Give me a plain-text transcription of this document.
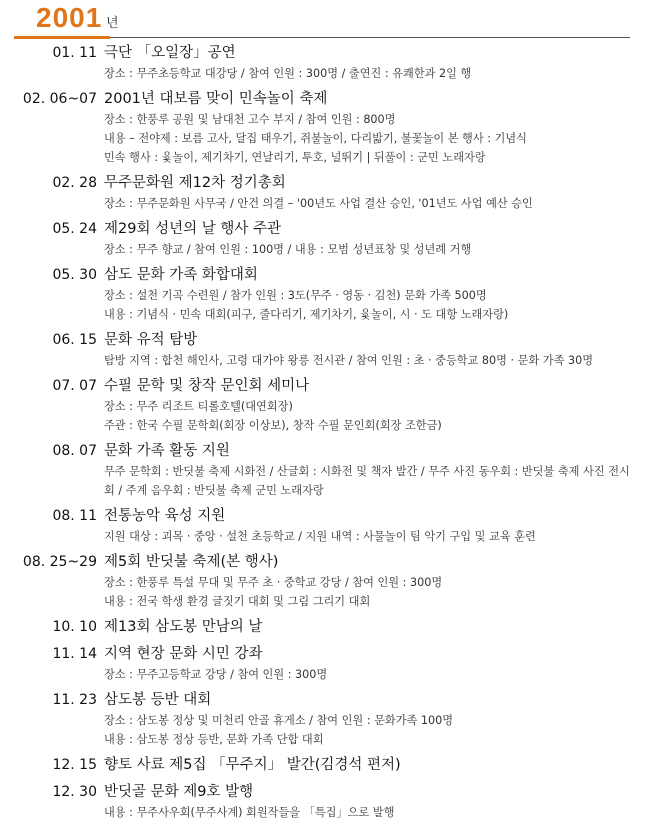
2001 년
01. 11 극단 「오일장」공연
장소 : 무주초등학교 대강당 / 참여 인원 : 300명 / 출연진 : 유쾌한과 2일 행
02. 06~07 2001년 대보름 맞이 민속놀이 축제
장소 : 한풍루 공원 및 남대천 고수 부지 / 참여 인원 : 800명
내용 – 전야제 : 보름 고사, 달집 태우기, 쥐불놀이, 다리밟기, 불꽃놀이 본 행사 : 기념식
민속 행사 : 윷놀이, 제기차기, 연날리기, 투호, 널뛰기 | 뒤풀이 : 군민 노래자랑
02. 28 무주문화원 제12차 정기총회
장소 : 무주문화원 사무국 / 안건 의결 – '00년도 사업 결산 승인, '01년도 사업 예산 승인
05. 24 제29회 성년의 날 행사 주관
장소 : 무주 향교 / 참여 인원 : 100명 / 내용 : 모범 성년표창 및 성년례 거행
05. 30 삼도 문화 가족 화합대회
장소 : 설천 기곡 수련원 / 참가 인원 : 3도(무주 · 영동 · 김천) 문화 가족 500명
내용 : 기념식 · 민속 대회(피구, 줄다리기, 제기차기, 윷놀이, 시 · 도 대항 노래자랑)
06. 15 문화 유적 탐방
탐방 지역 : 합천 해인사, 고령 대가야 왕릉 전시관 / 참여 인원 : 초 · 중등학교 80명 · 문화 가족 30명
07. 07 수필 문학 및 창작 문인회 세미나
장소 : 무주 리조트 티롤호텔(대연회장)
주관 : 한국 수필 문학회(회장 이상보), 창작 수필 문인회(회장 조한금)
08. 07 문화 가족 활동 지원
무주 문학회 : 반딧불 축제 시화전 / 산글회 : 시화전 및 책자 발간 / 무주 사진 동우회 : 반딧불 축제 사진 전시회 / 주계 음우회 : 반딧불 축제 군민 노래자랑
08. 11 전통농악 육성 지원
지원 대상 : 괴목 · 중앙 · 설천 초등학교 / 지원 내역 : 사물놀이 팀 악기 구입 및 교육 훈련
08. 25~29 제5회 반딧불 축제(본 행사)
장소 : 한풍루 특설 무대 및 무주 초 · 중학교 강당 / 참여 인원 : 300명
내용 : 전국 학생 환경 글짓기 대회 및 그림 그리기 대회
10. 10 제13회 삼도봉 만남의 날
11. 14 지역 현장 문화 시민 강좌
장소 : 무주고등학교 강당 / 참여 인원 : 300명
11. 23 삼도봉 등반 대회
장소 : 삼도봉 정상 및 미천리 안골 휴게소 / 참여 인원 : 문화가족 100명
내용 : 삼도봉 정상 등반, 문화 가족 단합 대회
12. 15 향토 사료 제5집 「무주지」 발간(김경석 편저)
12. 30 반딧골 문화 제9호 발행
내용 : 무주사우회(무주사계) 회원작들을 「특집」으로 발행
